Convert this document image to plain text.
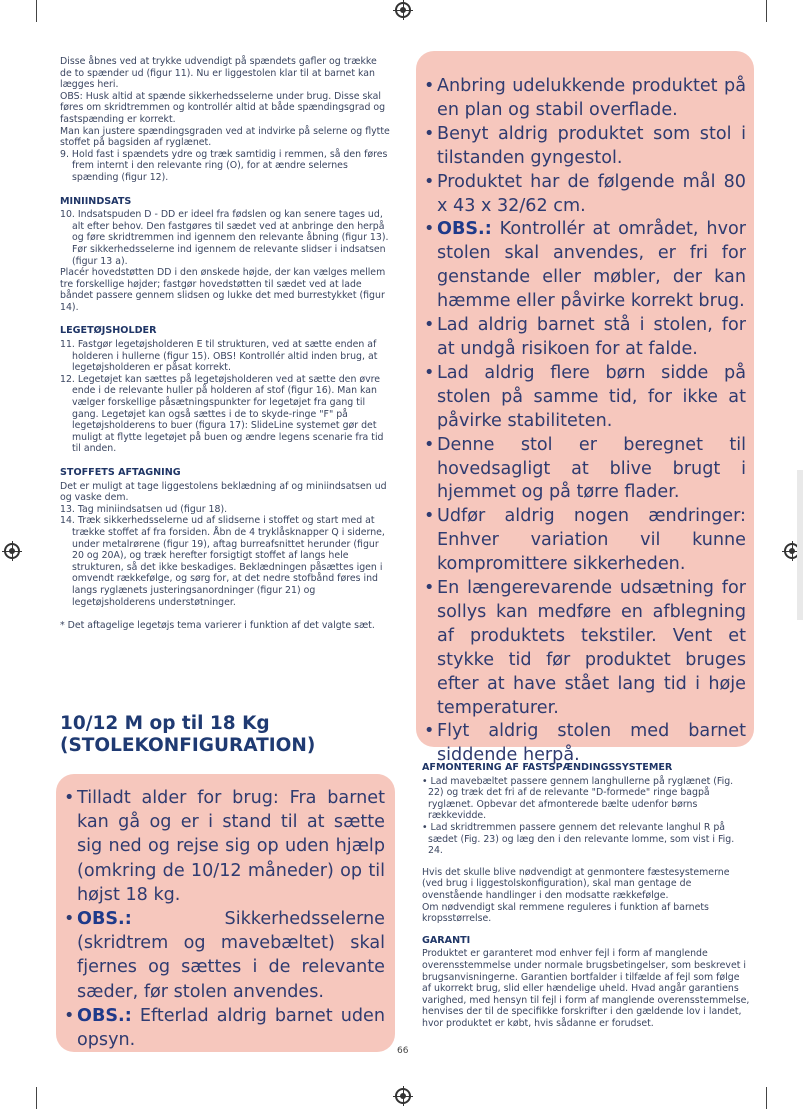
Disse åbnes ved at trykke udvendigt på spændets gafler og trække de to spænder ud (figur 11). Nu er liggestolen klar til at barnet kan lægges heri.

OBS: Husk altid at spænde sikkerhedsselerne under brug. Disse skal føres om skridtremmen og kontrollér altid at både spændingsgrad og fastspænding er korrekt.

Man kan justere spændingsgraden ved at indvirke på selerne og flytte stoffet på bagsiden af ryglænet.

9. Hold fast i spændets ydre og træk samtidig i remmen, så den føres frem internt i den relevante ring (O), for at ændre selernes spænding (figur 12).

MINIINDSATS

10. Indsatspuden D - DD er ideel fra fødslen og kan senere tages ud, alt efter behov. Den fastgøres til sædet ved at anbringe den herpå og føre skridtremmen ind igennem den relevante åbning (figur 13). Før sikkerhedsselerne ind igennem de relevante slidser i indsatsen (figur 13 a).

Placér hovedstøtten DD i den ønskede højde, der kan vælges mellem tre forskellige højder; fastgør hovedstøtten til sædet ved at lade båndet passere gennem slidsen og lukke det med burrestykket (figur 14).

LEGETØJSHOLDER

11. Fastgør legetøjsholderen E til strukturen, ved at sætte enden af holderen i hullerne (figur 15). OBS! Kontrollér altid inden brug, at legetøjsholderen er påsat korrekt.

12. Legetøjet kan sættes på legetøjsholderen ved at sætte den øvre ende i de relevante huller på holderen af stof (figur 16). Man kan vælger forskellige påsætningspunkter for legetøjet fra gang til gang. Legetøjet kan også sættes i de to skyde-ringe "F" på legetøjsholderens to buer (figura 17): SlideLine systemet gør det muligt at flytte legetøjet på buen og ændre legens scenarie fra tid til anden.

STOFFETS AFTAGNING

Det er muligt at tage liggestolens beklædning af og miniindsatsen ud og vaske dem.

13. Tag miniindsatsen ud (figur 18).

14. Træk sikkerhedsselerne ud af slidserne i stoffet og start med at trække stoffet af fra forsiden. Åbn de 4 tryklåsknapper Q i siderne, under metalrørene (figur 19), aftag burreafsnittet herunder (figur 20 og 20A), og træk herefter forsigtigt stoffet af langs hele strukturen, så det ikke beskadiges. Beklædningen påsættes igen i omvendt rækkefølge, og sørg for, at det nedre stofbånd føres ind langs ryglænets justeringsanordninger (figur 21) og legetøjsholderens understøtninger.

* Det aftagelige legetøjs tema varierer i funktion af det valgte sæt.

10/12 M op til 18 Kg
(STOLEKONFIGURATION)
• Tilladt alder for brug: Fra barnet kan gå og er i stand til at sætte sig ned og rejse sig op uden hjælp (omkring de 10/12 måneder) op til højst 18 kg.
• OBS.: Sikkerhedsselerne (skridtrem og mavebæltet) skal fjernes og sættes i de relevante sæder, før stolen anvendes.
• OBS.: Efterlad aldrig barnet uden opsyn.
• Anbring udelukkende produktet på en plan og stabil overflade.
• Benyt aldrig produktet som stol i tilstanden gyngestol.
• Produktet har de følgende mål 80 x 43 x 32/62 cm.
• OBS.: Kontrollér at området, hvor stolen skal anvendes, er fri for genstande eller møbler, der kan hæmme eller påvirke korrekt brug.
• Lad aldrig barnet stå i stolen, for at undgå risikoen for at falde.
• Lad aldrig flere børn sidde på stolen på samme tid, for ikke at påvirke stabiliteten.
• Denne stol er beregnet til hovedsagligt at blive brugt i hjemmet og på tørre flader.
• Udfør aldrig nogen ændringer: Enhver variation vil kunne kompromittere sikkerheden.
• En længerevarende udsætning for sollys kan medføre en afblegning af produktets tekstiler. Vent et stykke tid før produktet bruges efter at have stået lang tid i høje temperaturer.
• Flyt aldrig stolen med barnet siddende herpå.
AFMONTERING AF FASTSPÆNDINGSSYSTEMER

• Lad mavebæltet passere gennem langhullerne på ryglænet (Fig. 22) og træk det fri af de relevante "D-formede" ringe bagpå ryglænet. Opbevar det afmonterede bælte udenfor børns rækkevidde.

• Lad skridtremmen passere gennem det relevante langhul R på sædet (Fig. 23) og læg den i den relevante lomme, som vist i Fig. 24.

Hvis det skulle blive nødvendigt at genmontere fæstesystemerne (ved brug i liggestolskonfiguration), skal man gentage de ovenstående handlinger i den modsatte rækkefølge.

Om nødvendigt skal remmene reguleres i funktion af barnets kropsstørrelse.

GARANTI

Produktet er garanteret mod enhver fejl i form af manglende overensstemmelse under normale brugsbetingelser, som beskrevet i brugsanvisningerne. Garantien bortfalder i tilfælde af fejl som følge af ukorrekt brug, slid eller hændelige uheld. Hvad angår garantiens varighed, med hensyn til fejl i form af manglende overensstemmelse, henvises der til de specifikke forskrifter i den gældende lov i landet, hvor produktet er købt, hvis sådanne er forudset.

66
